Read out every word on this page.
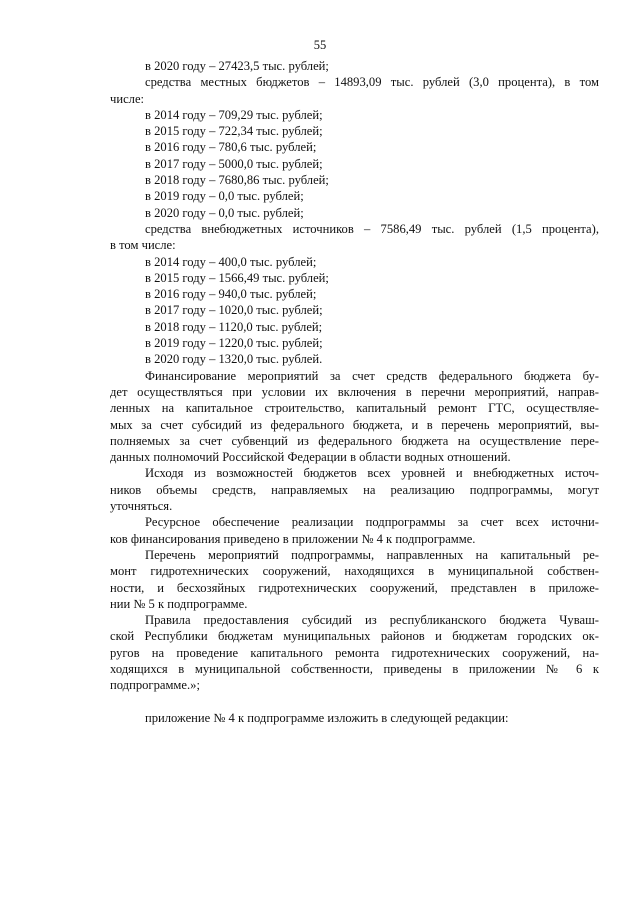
55
в 2020 году – 27423,5 тыс. рублей;
средства местных бюджетов – 14893,09 тыс. рублей (3,0 процента), в том
числе:
в 2014 году – 709,29 тыс. рублей;
в 2015 году – 722,34 тыс. рублей;
в 2016 году – 780,6 тыс. рублей;
в 2017 году – 5000,0 тыс. рублей;
в 2018 году – 7680,86 тыс. рублей;
в 2019 году – 0,0 тыс. рублей;
в 2020 году – 0,0 тыс. рублей;
средства внебюджетных источников – 7586,49 тыс. рублей (1,5 процента),
в том числе:
в 2014 году – 400,0 тыс. рублей;
в 2015 году – 1566,49 тыс. рублей;
в 2016 году – 940,0 тыс. рублей;
в 2017 году – 1020,0 тыс. рублей;
в 2018 году – 1120,0 тыс. рублей;
в 2019 году – 1220,0 тыс. рублей;
в 2020 году – 1320,0 тыс. рублей.
Финансирование мероприятий за счет средств федерального бюджета бу-
дет осуществляться при условии их включения в перечни мероприятий, направ-
ленных на капитальное строительство, капитальный ремонт ГТС, осуществляе-
мых за счет субсидий из федерального бюджета, и в перечень мероприятий, вы-
полняемых за счет субвенций из федерального бюджета на осуществление пере-
данных полномочий Российской Федерации в области водных отношений.
Исходя из возможностей бюджетов всех уровней и внебюджетных источ-
ников объемы средств, направляемых на реализацию подпрограммы, могут
уточняться.
Ресурсное обеспечение реализации подпрограммы за счет всех источни-
ков финансирования приведено в приложении № 4 к подпрограмме.
Перечень мероприятий подпрограммы, направленных на капитальный ре-
монт гидротехнических сооружений, находящихся в муниципальной собствен-
ности, и бесхозяйных гидротехнических сооружений, представлен в приложе-
нии № 5 к подпрограмме.
Правила предоставления субсидий из республиканского бюджета Чуваш-
ской Республики бюджетам муниципальных районов и бюджетам городских ок-
ругов на проведение капитального ремонта гидротехнических сооружений, на-
ходящихся в муниципальной собственности, приведены в приложении № 6 к
подпрограмме.»;
приложение № 4 к подпрограмме изложить в следующей редакции:
